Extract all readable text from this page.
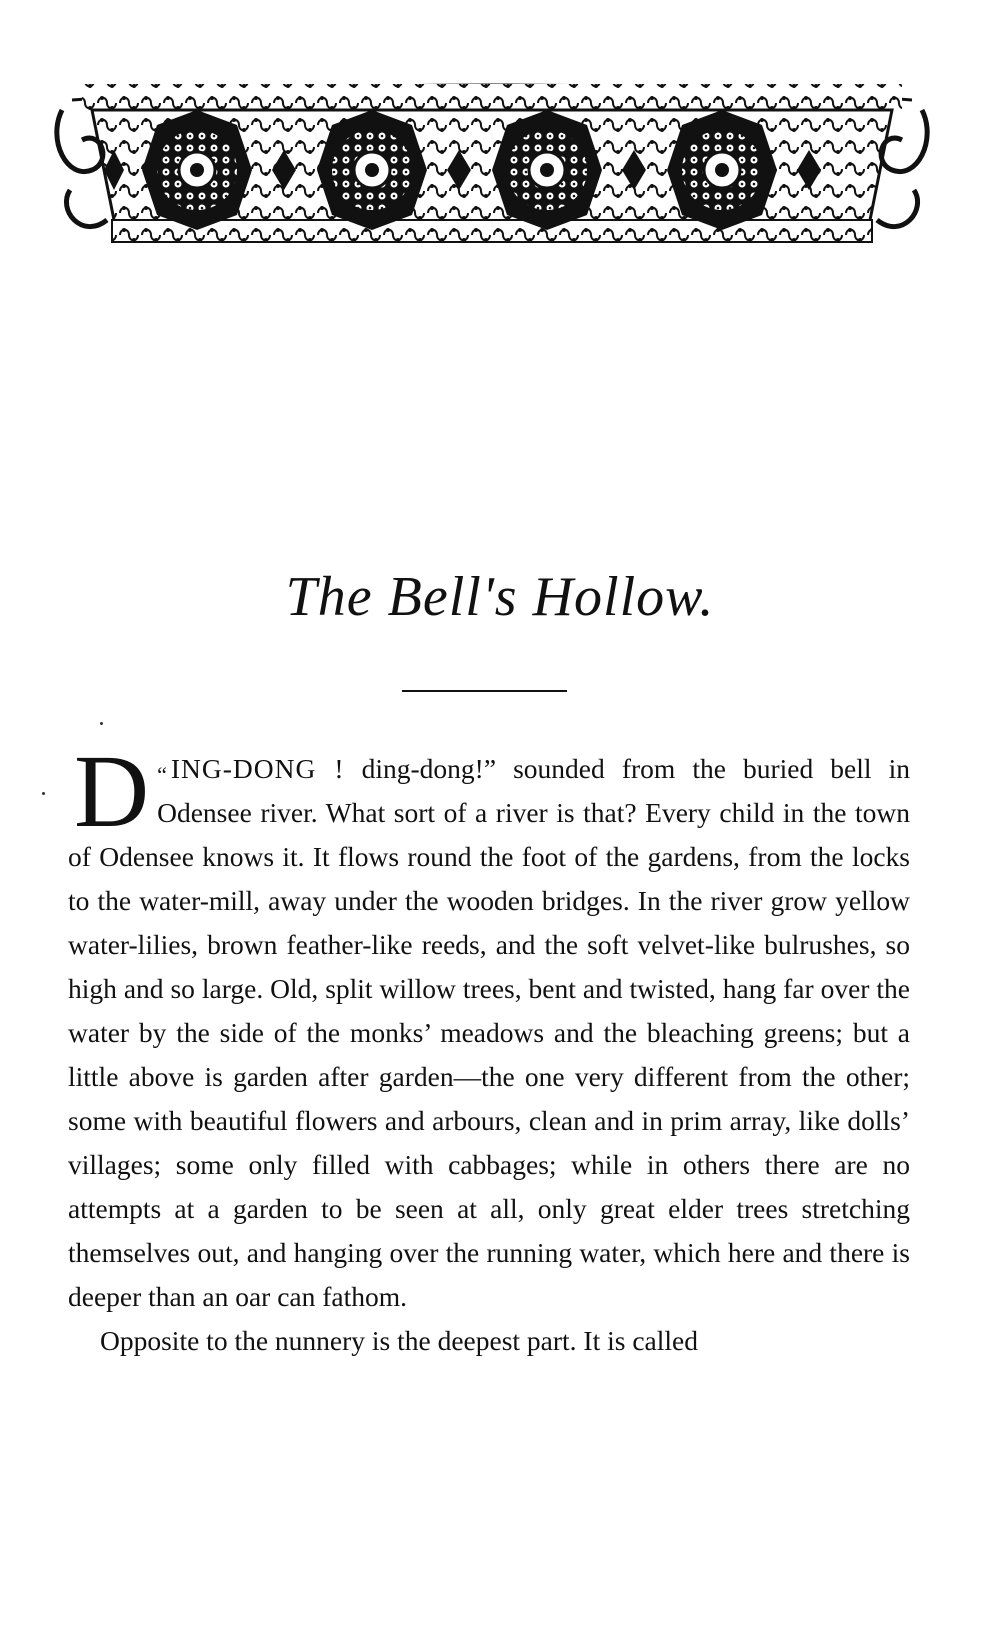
The Bell's Hollow.

“
D ING-DONG ! ding-dong!” sounded from the buried bell in Odensee river. What sort of a river is that? Every child in the town of Odensee knows it. It flows round the foot of the gardens, from the locks to the water-mill, away under the wooden bridges. In the river grow yellow water-lilies, brown feather-like reeds, and the soft velvet-like bulrushes, so high and so large. Old, split willow trees, bent and twisted, hang far over the water by the side of the monks’ meadows and the bleaching greens; but a little above is garden after garden—the one very different from the other; some with beautiful flowers and arbours, clean and in prim array, like dolls’ villages; some only filled with cabbages; while in others there are no attempts at a garden to be seen at all, only great elder trees stretching themselves out, and hanging over the running water, which here and there is deeper than an oar can fathom.

Opposite to the nunnery is the deepest part. It is called
